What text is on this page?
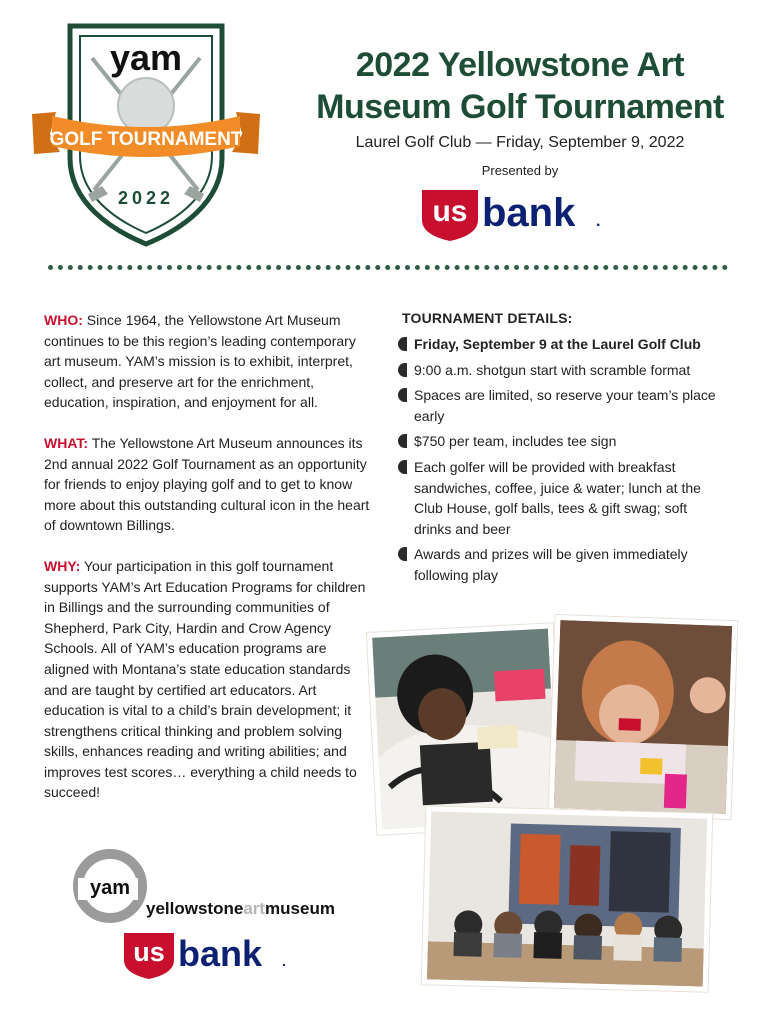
yam
GOLF TOURNAMENT
2022
2022 Yellowstone Art
Museum Golf Tournament
Laurel Golf Club — Friday, September 9, 2022
Presented by
us bank .

WHO: Since 1964, the Yellowstone Art Museum continues to be this region’s leading contemporary art museum. YAM’s mission is to exhibit, interpret, collect, and preserve art for the enrichment, education, inspiration, and enjoyment for all.

WHAT: The Yellowstone Art Museum announces its 2nd annual 2022 Golf Tournament as an opportunity for friends to enjoy playing golf and to get to know more about this outstanding cultural icon in the heart of downtown Billings.

WHY: Your participation in this golf tournament supports YAM’s Art Education Programs for children in Billings and the surrounding communities of Shepherd, Park City, Hardin and Crow Agency Schools. All of YAM’s education programs are aligned with Montana’s state education standards and are taught by certified art educators. Art education is vital to a child’s brain development; it strengthens critical thinking and problem solving skills, enhances reading and writing abilities; and improves test scores… everything a child needs to succeed!

TOURNAMENT DETAILS:
Friday, September 9 at the Laurel Golf Club
9:00 a.m. shotgun start with scramble format
Spaces are limited, so reserve your team’s place early
$750 per team, includes tee sign
Each golfer will be provided with breakfast sandwiches, coffee, juice & water; lunch at the Club House, golf balls, tees & gift swag; soft drinks and beer
Awards and prizes will be given immediately following play
yam
yellowstoneartmuseum
us bank .
